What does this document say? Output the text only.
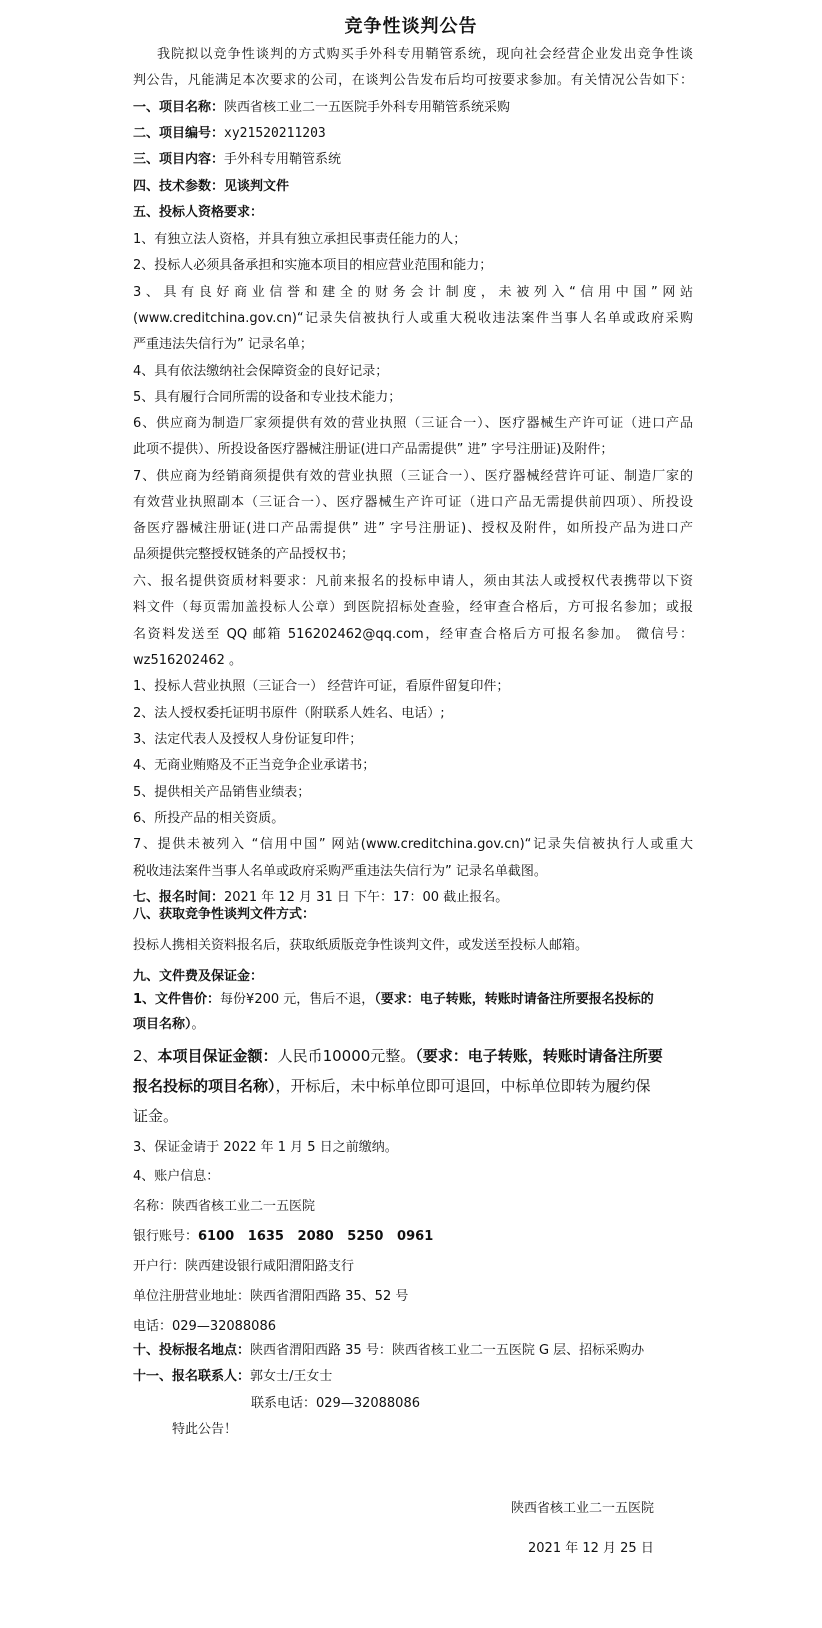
竞争性谈判公告
我院拟以竞争性谈判的方式购买手外科专用鞘管系统，现向社会经营企业发出竞争性谈
判公告，凡能满足本次要求的公司，在谈判公告发布后均可按要求参加。有关情况公告如下：
一、项目名称：陕西省核工业二一五医院手外科专用鞘管系统采购
二、项目编号：xy21520211203
三、项目内容：手外科专用鞘管系统
四、技术参数：见谈判文件
五、投标人资格要求：
1、有独立法人资格，并具有独立承担民事责任能力的人；
2、投标人必须具备承担和实施本项目的相应营业范围和能力；
3、具有良好商业信誉和建全的财务会计制度，未被列入“信用中国”网站
(www.creditchina.gov.cn)“记录失信被执行人或重大税收违法案件当事人名单或政府采购
严重违法失信行为” 记录名单；
4、具有依法缴纳社会保障资金的良好记录；
5、具有履行合同所需的设备和专业技术能力；
6、供应商为制造厂家须提供有效的营业执照（三证合一）、医疗器械生产许可证（进口产品
此项不提供）、所投设备医疗器械注册证(进口产品需提供” 进” 字号注册证)及附件；
7、供应商为经销商须提供有效的营业执照（三证合一）、医疗器械经营许可证、制造厂家的
有效营业执照副本（三证合一）、医疗器械生产许可证（进口产品无需提供前四项）、所投设
备医疗器械注册证(进口产品需提供” 进” 字号注册证)、授权及附件，如所投产品为进口产
品须提供完整授权链条的产品授权书；
六、报名提供资质材料要求：凡前来报名的投标申请人，须由其法人或授权代表携带以下资
料文件（每页需加盖投标人公章）到医院招标处查验，经审查合格后，方可报名参加；或报
名资料发送至 QQ 邮箱 516202462@qq.com，经审查合格后方可报名参加。 微信号：
wz516202462 。
1、投标人营业执照（三证合一） 经营许可证，看原件留复印件；
2、法人授权委托证明书原件（附联系人姓名、电话）;
3、法定代表人及授权人身份证复印件；
4、无商业贿赂及不正当竞争企业承诺书；
5、提供相关产品销售业绩表；
6、所投产品的相关资质。
7、提供未被列入 “信用中国” 网站(www.creditchina.gov.cn)“记录失信被执行人或重大
税收违法案件当事人名单或政府采购严重违法失信行为” 记录名单截图。
七、报名时间：2021 年 12 月 31 日 下午：17：00 截止报名。
八、获取竞争性谈判文件方式：
投标人携相关资料报名后，获取纸质版竞争性谈判文件，或发送至投标人邮箱。
九、文件费及保证金：
1、文件售价：每份¥200 元，售后不退，（要求：电子转账，转账时请备注所要报名投标的
项目名称）。
2、本项目保证金额：人民币10000元整。（要求：电子转账，转账时请备注所要
报名投标的项目名称），开标后，未中标单位即可退回，中标单位即转为履约保
证金。
3、保证金请于 2022 年 1 月 5 日之前缴纳。
4、账户信息：
名称：陕西省核工业二一五医院
银行账号：6100   1635   2080   5250   0961
开户行：陕西建设银行咸阳渭阳路支行
单位注册营业地址：陕西省渭阳西路 35、52 号
电话：029—32088086
十、投标报名地点：陕西省渭阳西路 35 号：陕西省核工业二一五医院 G 层、招标采购办
十一、报名联系人：郭女士/王女士
联系电话：029—32088086
特此公告！
陕西省核工业二一五医院
2021 年 12 月 25 日
